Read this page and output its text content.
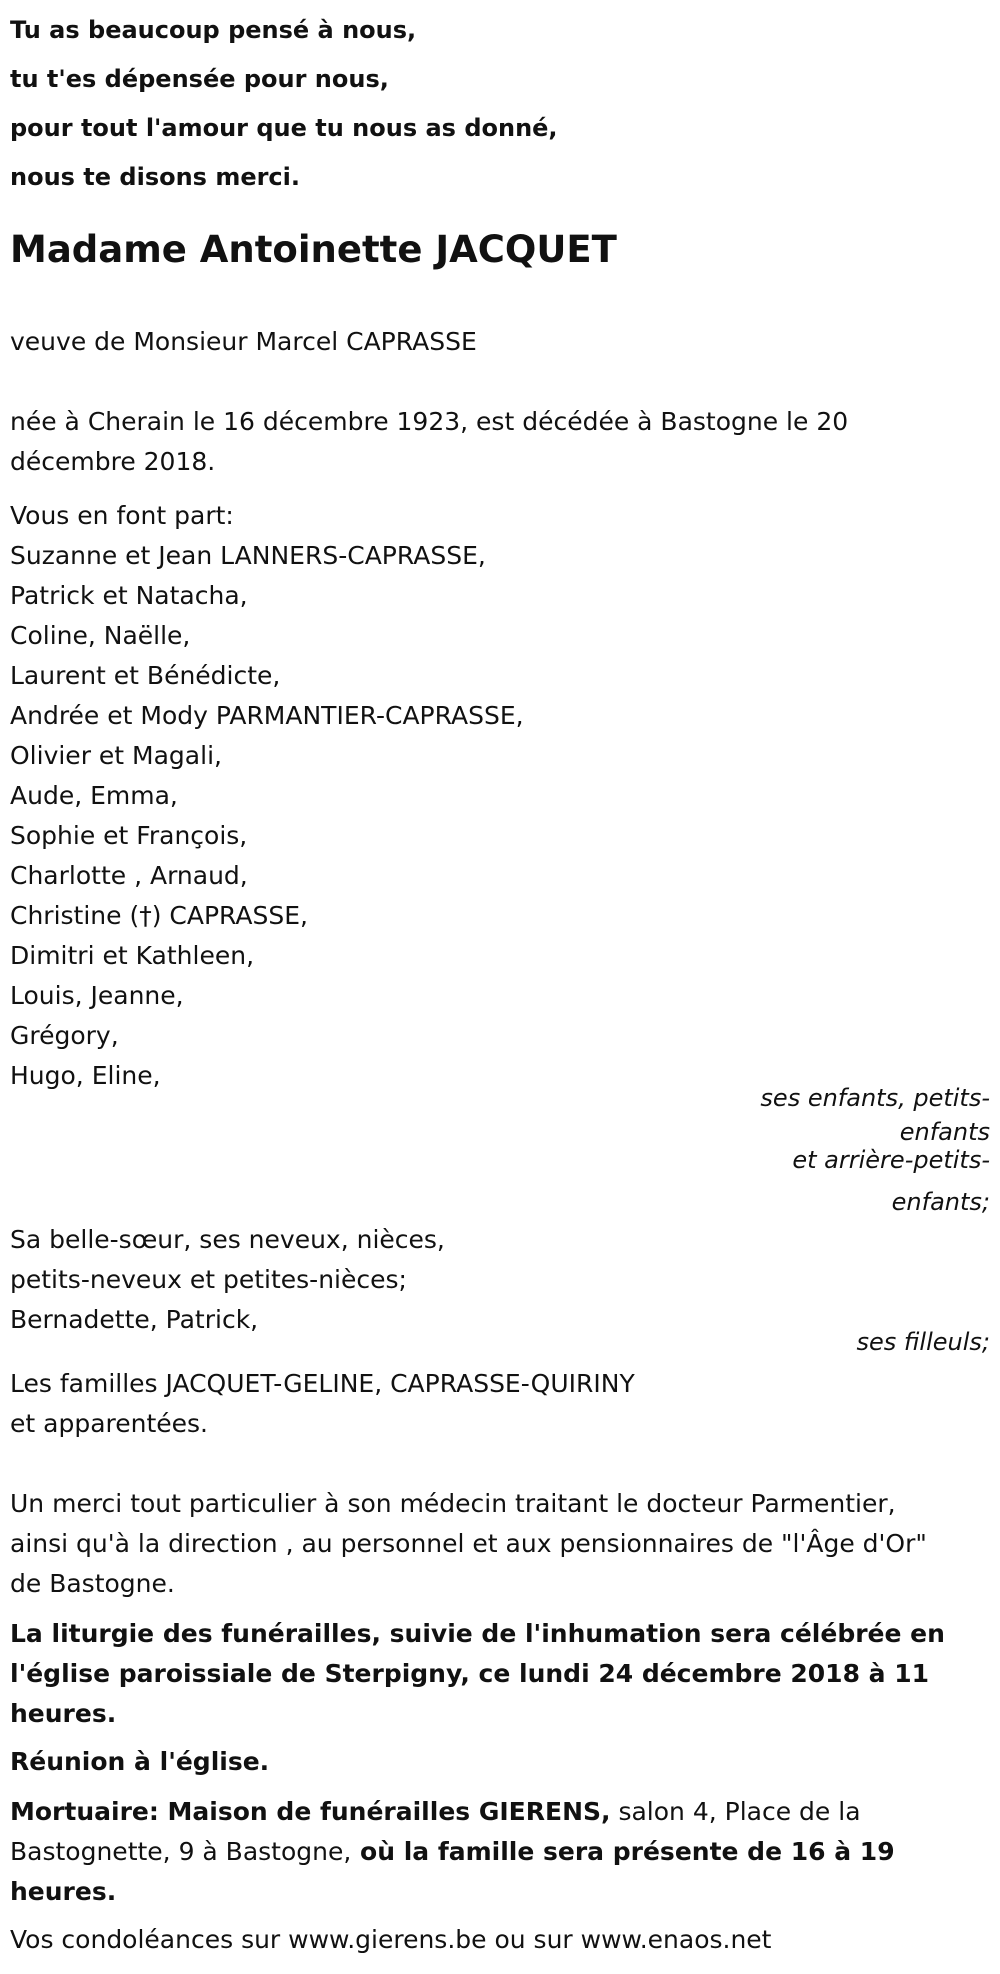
Tu as beaucoup pensé à nous,
tu t'es dépensée pour nous,
pour tout l'amour que tu nous as donné,
nous te disons merci.
Madame Antoinette JACQUET
veuve de Monsieur Marcel CAPRASSE
née à Cherain le 16 décembre 1923, est décédée à Bastogne le 20
décembre 2018.
Vous en font part:
Suzanne et Jean LANNERS-CAPRASSE,
Patrick et Natacha,
Coline, Naëlle,
Laurent et Bénédicte,
Andrée et Mody PARMANTIER-CAPRASSE,
Olivier et Magali,
Aude, Emma,
Sophie et François,
Charlotte , Arnaud,
Christine (†) CAPRASSE,
Dimitri et Kathleen,
Louis, Jeanne,
Grégory,
Hugo, Eline,
ses enfants, petits-
enfants
et arrière-petits-
enfants;
Sa belle-sœur, ses neveux, nièces,
petits-neveux et petites-nièces;
Bernadette, Patrick,
ses filleuls;
Les familles JACQUET-GELINE, CAPRASSE-QUIRINY
et apparentées.
Un merci tout particulier à son médecin traitant le docteur Parmentier,
ainsi qu'à la direction , au personnel et aux pensionnaires de "l'Âge d'Or"
de Bastogne.
La liturgie des funérailles, suivie de l'inhumation sera célébrée en
l'église paroissiale de Sterpigny, ce lundi 24 décembre 2018 à 11
heures.
Réunion à l'église.
Mortuaire: Maison de funérailles GIERENS, salon 4, Place de la
Bastognette, 9 à Bastogne, où la famille sera présente de 16 à 19
heures.
Vos condoléances sur www.gierens.be ou sur www.enaos.net
